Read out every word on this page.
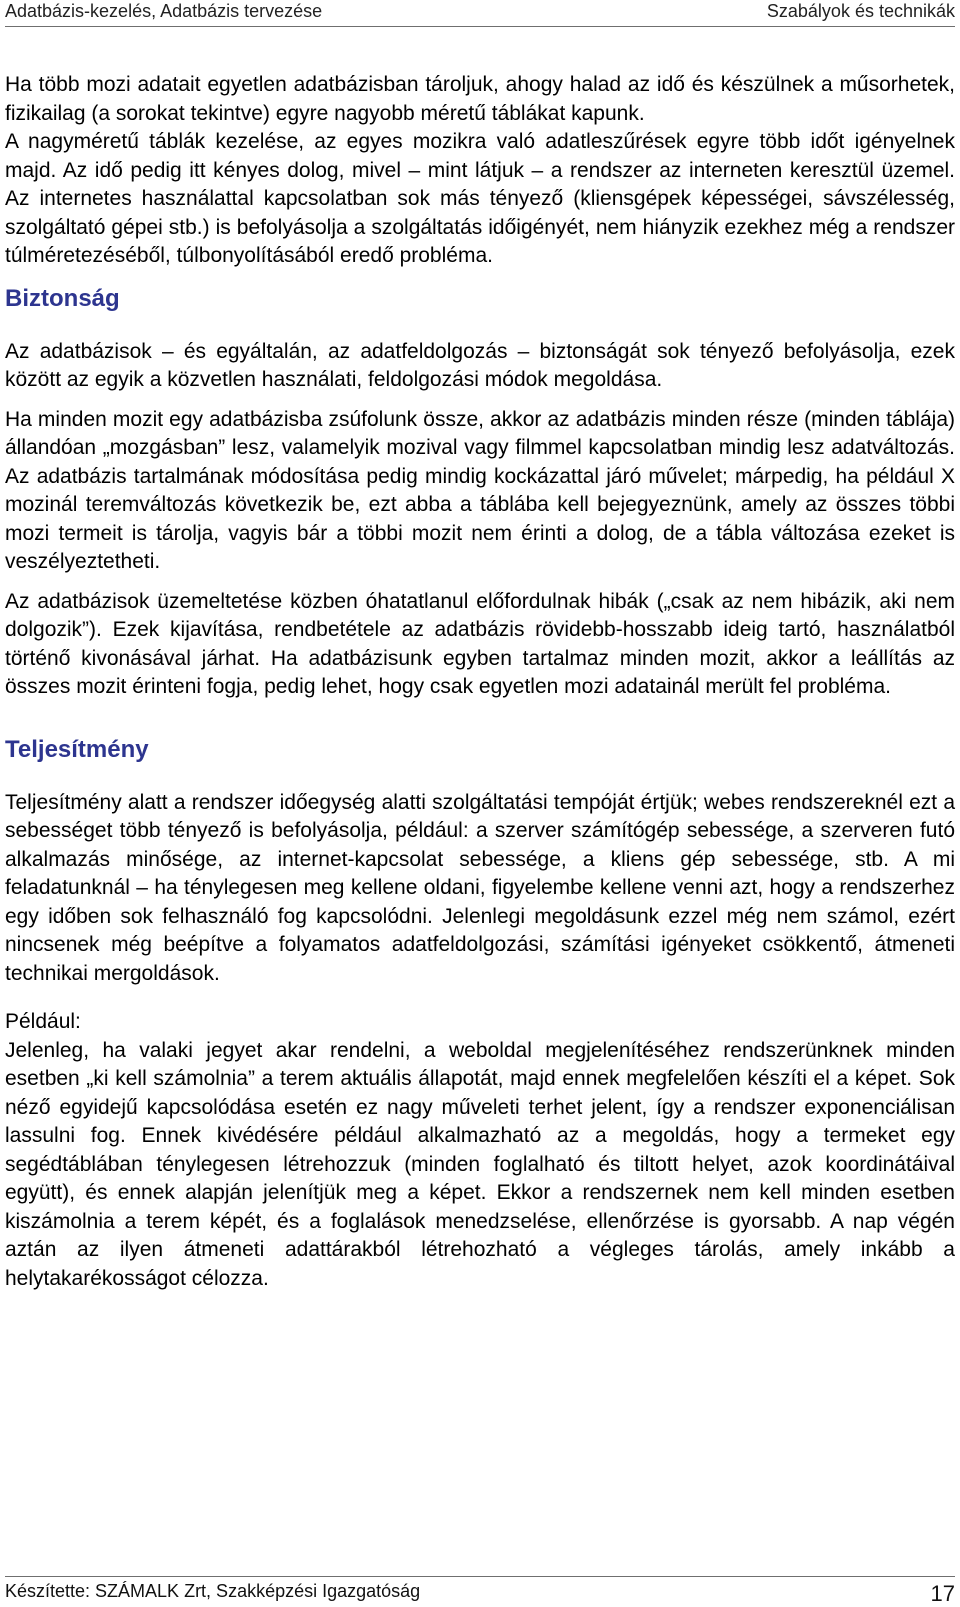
Adatbázis-kezelés, Adatbázis tervezése	Szabályok és technikák

Ha több mozi adatait egyetlen adatbázisban tároljuk, ahogy halad az idő és készülnek a műsorhetek, fizikailag (a sorokat tekintve) egyre nagyobb méretű táblákat kapunk.

A nagyméretű táblák kezelése, az egyes mozikra való adatleszűrések egyre több időt igényelnek majd. Az idő pedig itt kényes dolog, mivel – mint látjuk – a rendszer az interneten keresztül üzemel. Az internetes használattal kapcsolatban sok más tényező (kliensgépek képességei, sávszélesség, szolgáltató gépei stb.) is befolyásolja a szolgáltatás időigényét, nem hiányzik ezekhez még a rendszer túlméretezéséből, túlbonyolításából eredő probléma.

Biztonság

Az adatbázisok – és egyáltalán, az adatfeldolgozás – biztonságát sok tényező befolyásolja, ezek között az egyik a közvetlen használati, feldolgozási módok megoldása.

Ha minden mozit egy adatbázisba zsúfolunk össze, akkor az adatbázis minden része (minden táblája) állandóan „mozgásban” lesz, valamelyik mozival vagy filmmel kapcsolatban mindig lesz adatváltozás. Az adatbázis tartalmának módosítása pedig mindig kockázattal járó művelet; márpedig, ha például X mozinál teremváltozás következik be, ezt abba a táblába kell bejegyeznünk, amely az összes többi mozi termeit is tárolja, vagyis bár a többi mozit nem érinti a dolog, de a tábla változása ezeket is veszélyeztetheti.

Az adatbázisok üzemeltetése közben óhatatlanul előfordulnak hibák („csak az nem hibázik, aki nem dolgozik”). Ezek kijavítása, rendbetétele az adatbázis rövidebb-hosszabb ideig tartó, használatból történő kivonásával járhat. Ha adatbázisunk egyben tartalmaz minden mozit, akkor a leállítás az összes mozit érinteni fogja, pedig lehet, hogy csak egyetlen mozi adatainál merült fel probléma.

Teljesítmény

Teljesítmény alatt a rendszer időegység alatti szolgáltatási tempóját értjük; webes rendszereknél ezt a sebességet több tényező is befolyásolja, például: a szerver számítógép sebessége, a szerveren futó alkalmazás minősége, az internet-kapcsolat sebessége, a kliens gép sebessége, stb. A mi feladatunknál – ha ténylegesen meg kellene oldani, figyelembe kellene venni azt, hogy a rendszerhez egy időben sok felhasználó fog kapcsolódni. Jelenlegi megoldásunk ezzel még nem számol, ezért nincsenek még beépítve a folyamatos adatfeldolgozási, számítási igényeket csökkentő, átmeneti technikai mergoldások.

Például:

Jelenleg, ha valaki jegyet akar rendelni, a weboldal megjelenítéséhez rendszerünknek minden esetben „ki kell számolnia” a terem aktuális állapotát, majd ennek megfelelően készíti el a képet. Sok néző egyidejű kapcsolódása esetén ez nagy műveleti terhet jelent, így a rendszer exponenciálisan lassulni fog. Ennek kivédésére például alkalmazható az a megoldás, hogy a termeket egy segédtáblában ténylegesen létrehozzuk (minden foglalható és tiltott helyet, azok koordinátáival együtt), és ennek alapján jelenítjük meg a képet. Ekkor a rendszernek nem kell minden esetben kiszámolnia a terem képét, és a foglalások menedzselése, ellenőrzése is gyorsabb. A nap végén aztán az ilyen átmeneti adattárakból létrehozható a végleges tárolás, amely inkább a helytakarékosságot célozza.

Készítette: SZÁMALK Zrt, Szakképzési Igazgatóság	17
